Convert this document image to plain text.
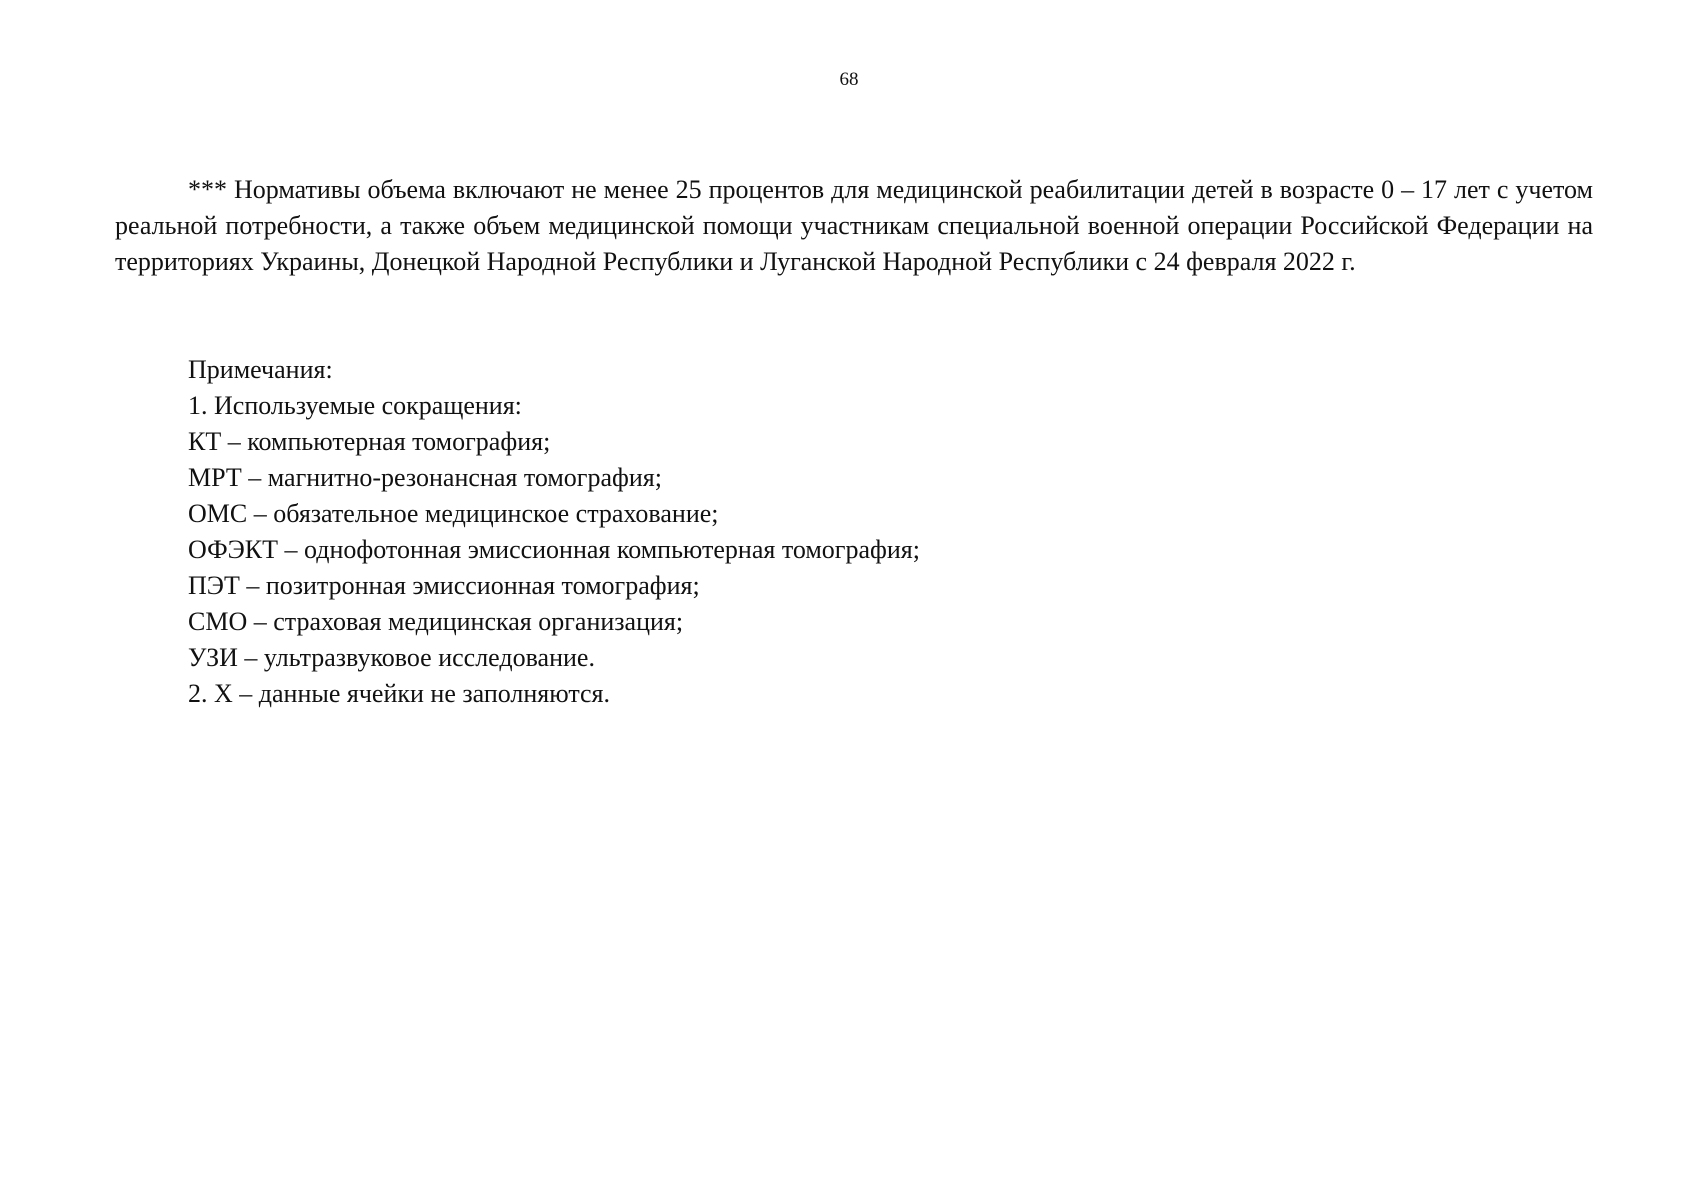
68

*** Нормативы объема включают не менее 25 процентов для медицинской реабилитации детей в возрасте 0 – 17 лет с учетом реальной потребности, а также объем медицинской помощи участникам специальной военной операции Российской Федерации на территориях Украины, Донецкой Народной Республики и Луганской Народной Республики с 24 февраля 2022 г.

Примечания:
1. Используемые сокращения:
КТ – компьютерная томография;
МРТ – магнитно-резонансная томография;
ОМС – обязательное медицинское страхование;
ОФЭКТ – однофотонная эмиссионная компьютерная томография;
ПЭТ – позитронная эмиссионная томография;
СМО – страховая медицинская организация;
УЗИ – ультразвуковое исследование.
2. Х – данные ячейки не заполняются.
